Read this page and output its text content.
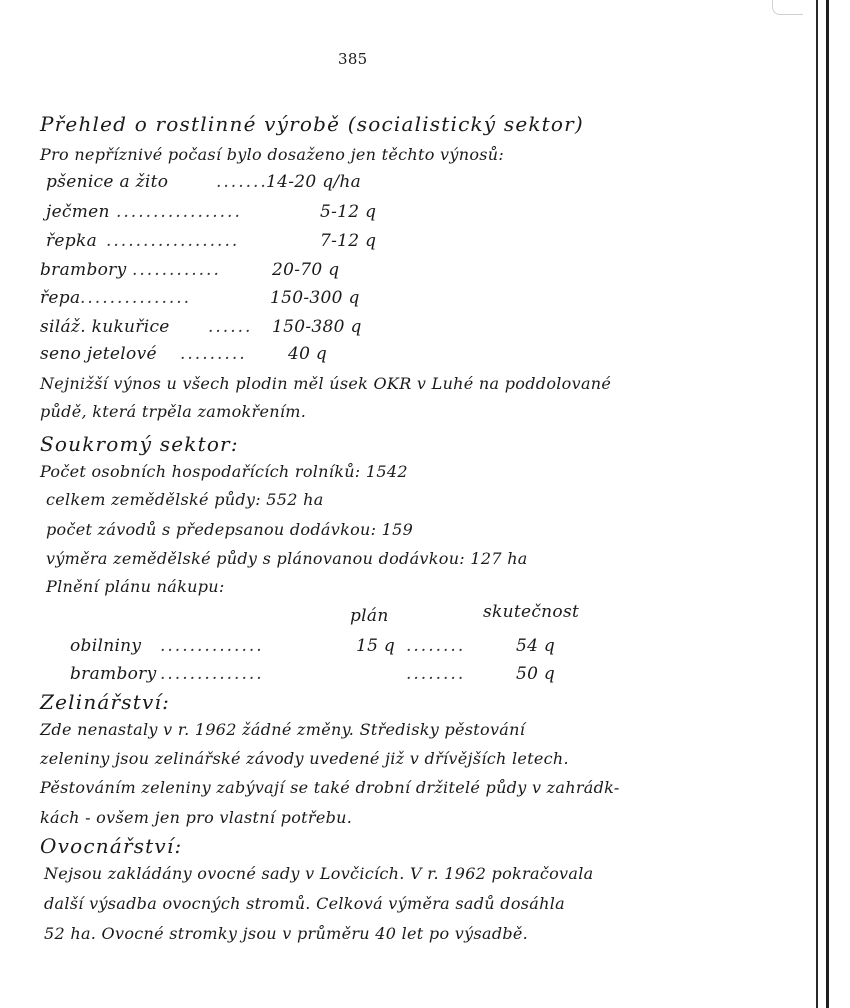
385
Přehled o rostlinné výrobě (socialistický sektor)
Pro nepříznivé počasí bylo dosaženo jen těchto výnosů:
pšenice a žito	.......14-20 q/ha
ječmen .................	5-12 q
řepka ..................	7-12 q
brambory ............	20-70 q
řepa...............	150-300 q
siláž. kukuřice ...... 150-380 q
seno jetelové ......... 40 q
Nejnižší výnos u všech plodin měl úsek OKR v Luhé na poddolované
půdě, která trpěla zamokřením.
Soukromý sektor:
Počet osobních hospodařících rolníků: 1542
celkem zemědělské půdy: 552 ha
počet závodů s předepsanou dodávkou: 159
výměra zemědělské půdy s plánovanou dodávkou: 127 ha
Plnění plánu nákupu:
plán	skutečnost
obilniny ..............	15 q ........	54 q
brambory ..............	........	50 q
Zelinářství:
Zde nenastaly v r. 1962 žádné změny. Středisky pěstování
zeleniny jsou zelinářské závody uvedené již v dřívějších letech.
Pěstováním zeleniny zabývají se také drobní držitelé půdy v zahrádk-
kách - ovšem jen pro vlastní potřebu.
Ovocnářství:
Nejsou zakládány ovocné sady v Lovčicích. V r. 1962 pokračovala
další výsadba ovocných stromů. Celková výměra sadů dosáhla
52 ha. Ovocné stromky jsou v průměru 40 let po výsadbě.
